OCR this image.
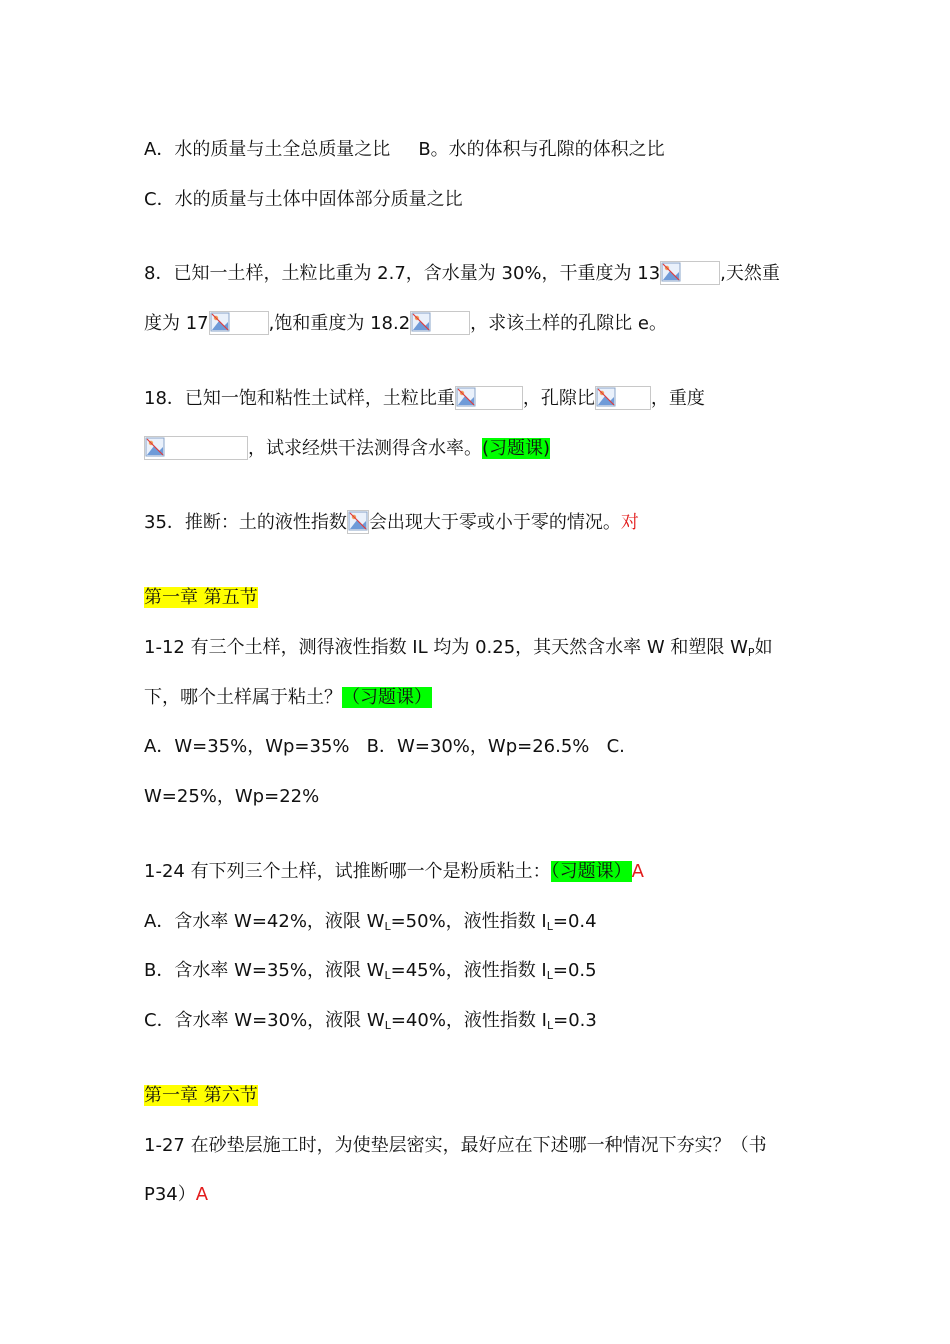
A．水的质量与土全总质量之比 B。水的体积与孔隙的体积之比
C．水的质量与土体中固体部分质量之比
8．已知一土样，土粒比重为 2.7，含水量为 30%，干重度为 13	,天然重
度为 17	,饱和重度为 18.2	，求该土样的孔隙比 e。
18．已知一饱和粘性土试样，土粒比重	，孔隙比	，重度
，试求经烘干法测得含水率。(习题课)
35．推断：土的液性指数 会出现大于零或小于零的情况。对
第一章 第五节
1-12 有三个土样，测得液性指数 IL 均为 0.25，其天然含水率 W 和塑限 $W_P$如
下，哪个土样属于粘土？（习题课）
A．W=35%，Wp=35%   B．W=30%，Wp=26.5%   C.
W=25%，Wp=22%
1-24 有下列三个土样，试推断哪一个是粉质粘土：（习题课）A
A．含水率 W=42%，液限 $W_L=50\%$，液性指数 $I_L=0.4$
B．含水率 W=35%，液限 $W_L=45\%$，液性指数 $I_L=0.5$
C．含水率 W=30%，液限 $W_L=40\%$，液性指数 $I_L=0.3$
第一章 第六节
1-27 在砂垫层施工时，为使垫层密实，最好应在下述哪一种情况下夯实？（书
P34）A
